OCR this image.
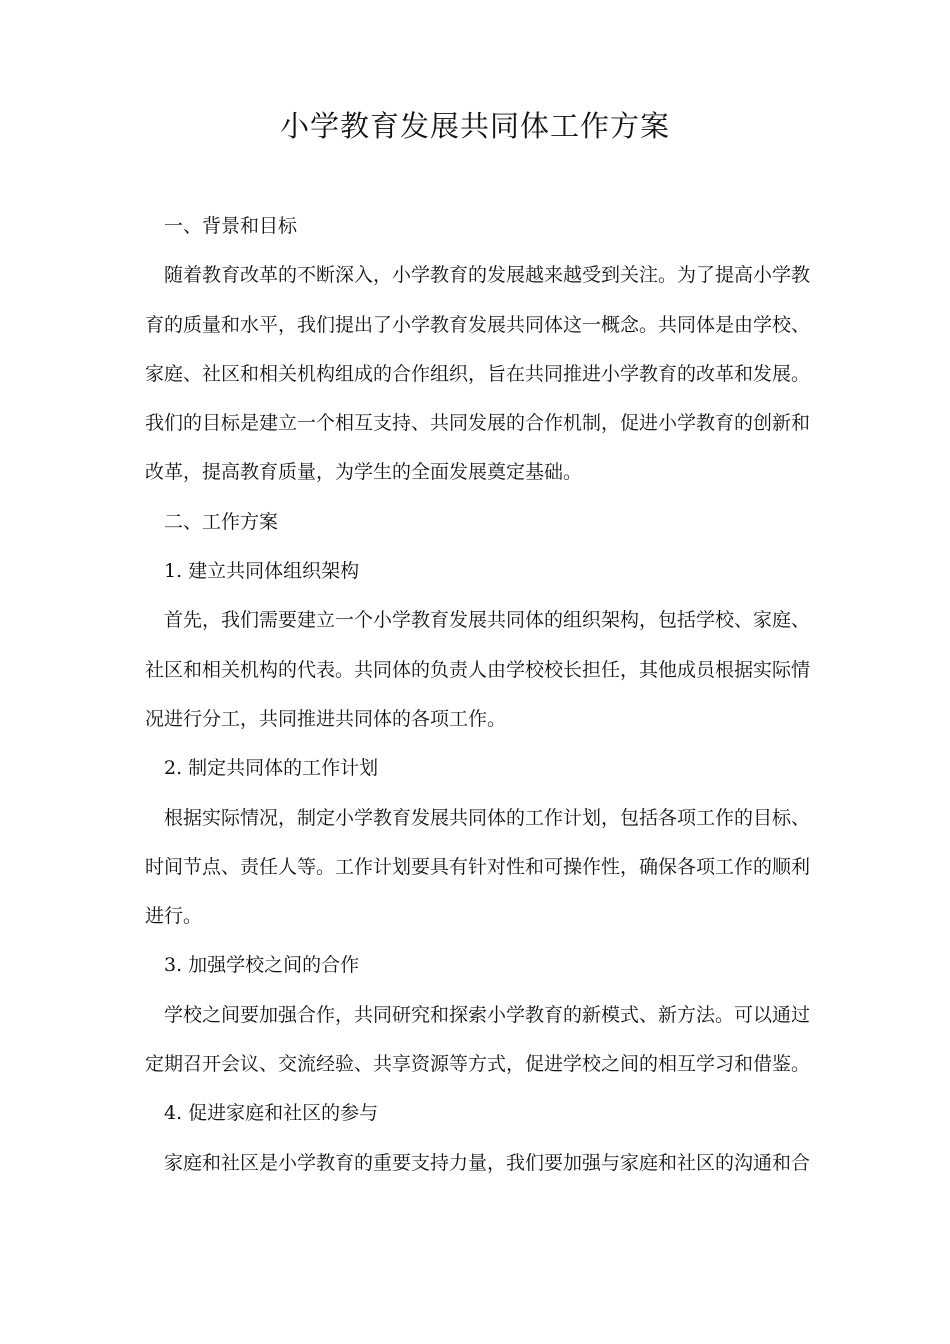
小学教育发展共同体工作方案
一、背景和目标
随着教育改革的不断深入，小学教育的发展越来越受到关注。为了提高小学教
育的质量和水平，我们提出了小学教育发展共同体这一概念。共同体是由学校、
家庭、社区和相关机构组成的合作组织，旨在共同推进小学教育的改革和发展。
我们的目标是建立一个相互支持、共同发展的合作机制，促进小学教育的创新和
改革，提高教育质量，为学生的全面发展奠定基础。
二、工作方案
1. 建立共同体组织架构
首先，我们需要建立一个小学教育发展共同体的组织架构，包括学校、家庭、
社区和相关机构的代表。共同体的负责人由学校校长担任，其他成员根据实际情
况进行分工，共同推进共同体的各项工作。
2. 制定共同体的工作计划
根据实际情况，制定小学教育发展共同体的工作计划，包括各项工作的目标、
时间节点、责任人等。工作计划要具有针对性和可操作性，确保各项工作的顺利
进行。
3. 加强学校之间的合作
学校之间要加强合作，共同研究和探索小学教育的新模式、新方法。可以通过
定期召开会议、交流经验、共享资源等方式，促进学校之间的相互学习和借鉴。
4. 促进家庭和社区的参与
家庭和社区是小学教育的重要支持力量，我们要加强与家庭和社区的沟通和合
